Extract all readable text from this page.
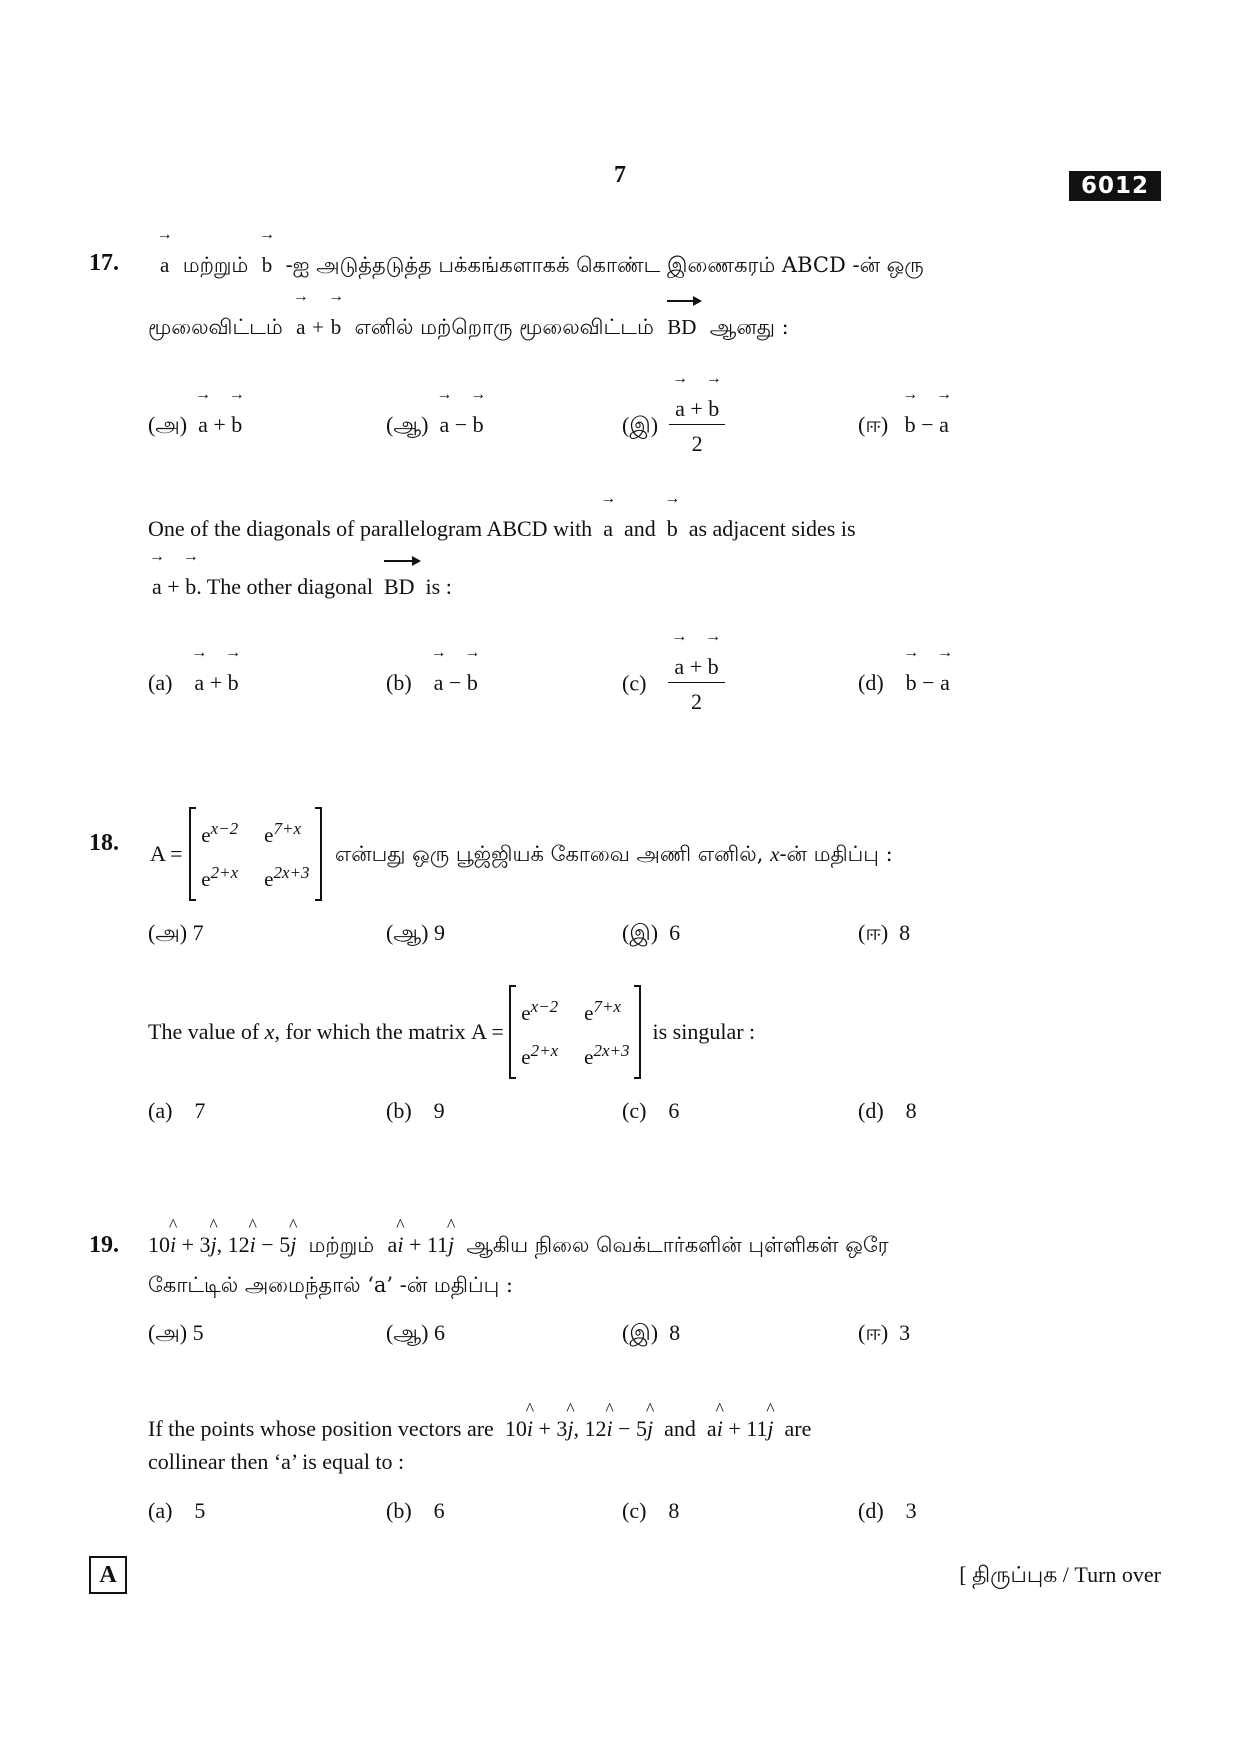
7	6012
17.
→
a மற்றும்
→
b -ஐ அடுத்தடுத்த பக்கங்களாகக் கொண்ட இணைகரம் ABCD -ன் ஒரு
மூலைவிட்டம்
→
a +
→
b எனில் மற்றொரு மூலைவிட்டம் BD ஆனது :
(அ)
→
a +
→
b	(ஆ)
→
a −
→
b	(இ) →
a +
→
b
2	(ஈ)
→
b −
→
a
One of the diagonals of parallelogram ABCD with
→
a and
→
b as adjacent sides is
→
a +
→
b. The other diagonal BD is :
(a)
→
a +
→
b	(b)
→
a −
→
b	(c) →
a +
→
b
2	(d)
→
b −
→
a
18. A =

$e^{x-2}$ $e^{7+x}$
$e^{2+x}$ $e^{2x+3}$

என்பது ஒரு பூஜ்ஜியக் கோவை அணி எனில்,
x -ன் மதிப்பு :
(அ) 7	(ஆ) 9	(இ) 6	(ஈ) 8
The value of
x , for which the matrix
A =

$e^{x-2}$ $e^{7+x}$
$e^{2+x}$ $e^{2x+3}$

is singular :
(a) 7	(b) 9	(c) 6	(d) 8
19. 10
^
i + 3
^
j, 12
^
i − 5
^
j மற்றும் a
^
i + 11
^
j ஆகிய நிலை வெக்டார்களின் புள்ளிகள் ஒரே
கோட்டில் அமைந்தால் ‘a’ -ன் மதிப்பு :
(அ) 5	(ஆ) 6	(இ) 8	(ஈ) 3
If the points whose position vectors are 10
^
i + 3
^
j, 12
^
i − 5
^
j and a
^
i + 11
^
j are
collinear then ‘a’ is equal to :
(a) 5	(b) 6	(c) 8	(d) 3
A	[ திருப்புக / Turn over
